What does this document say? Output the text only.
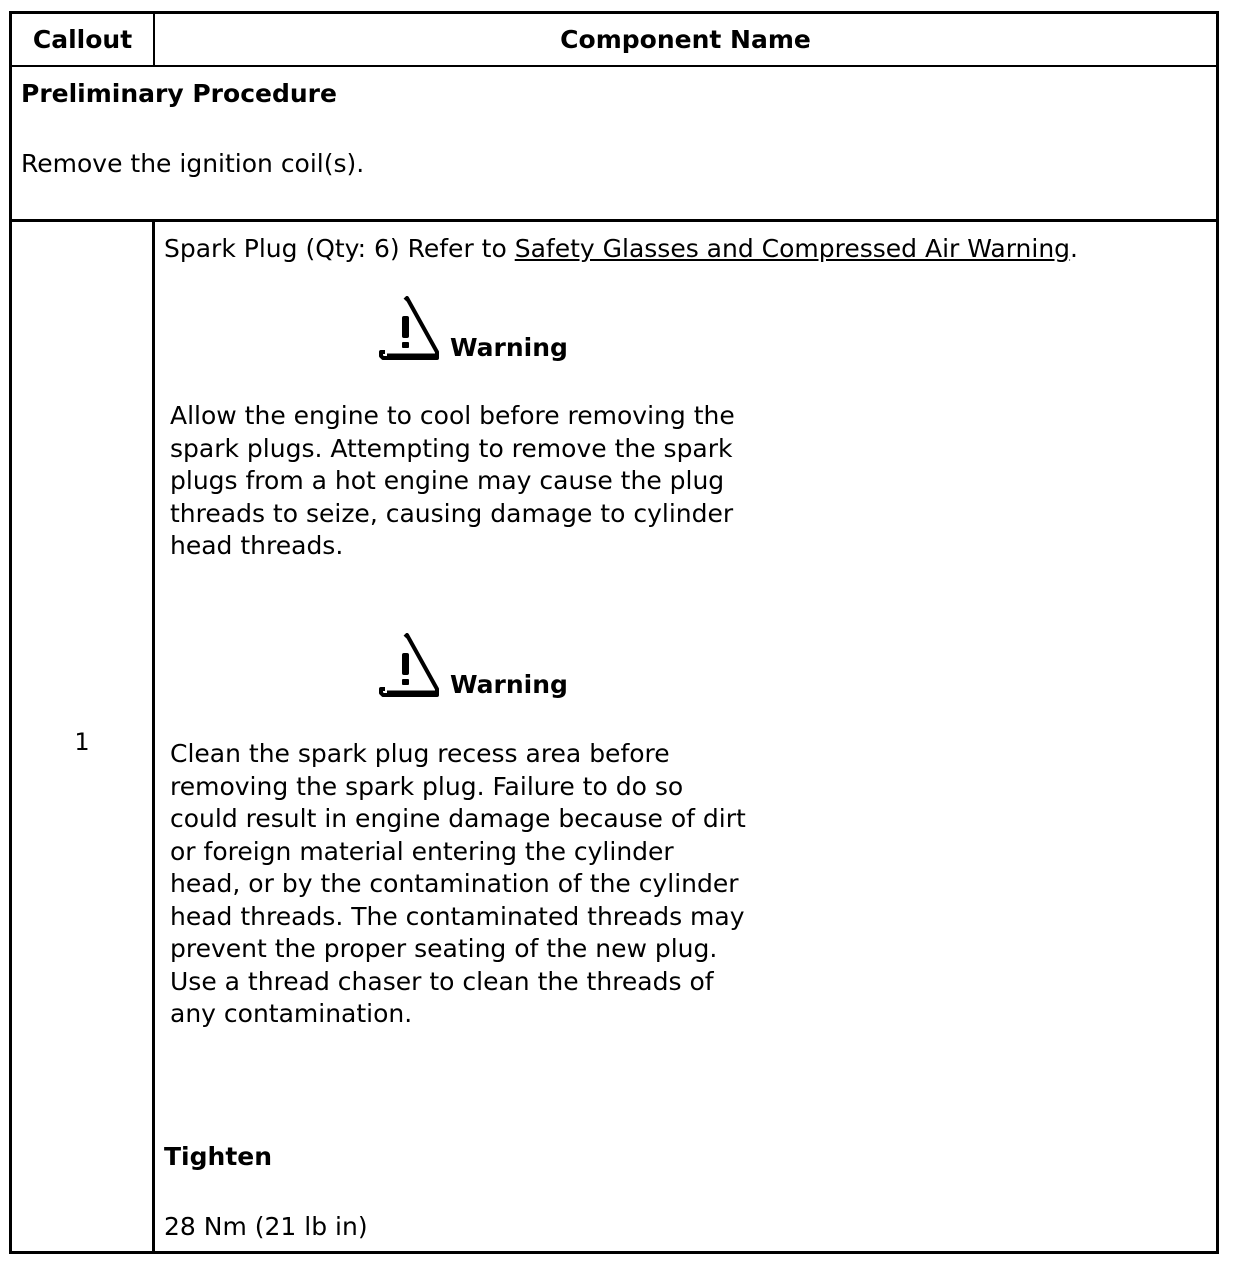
Callout	Component Name
Preliminary Procedure
Remove the ignition coil(s).
1
Spark Plug (Qty: 6) Refer to Safety Glasses and Compressed Air Warning.
Warning
Allow the engine to cool before removing the
spark plugs. Attempting to remove the spark
plugs from a hot engine may cause the plug
threads to seize, causing damage to cylinder
head threads.
Warning
Clean the spark plug recess area before
removing the spark plug. Failure to do so
could result in engine damage because of dirt
or foreign material entering the cylinder
head, or by the contamination of the cylinder
head threads. The contaminated threads may
prevent the proper seating of the new plug.
Use a thread chaser to clean the threads of
any contamination.
Tighten
28 Nm (21 lb in)
